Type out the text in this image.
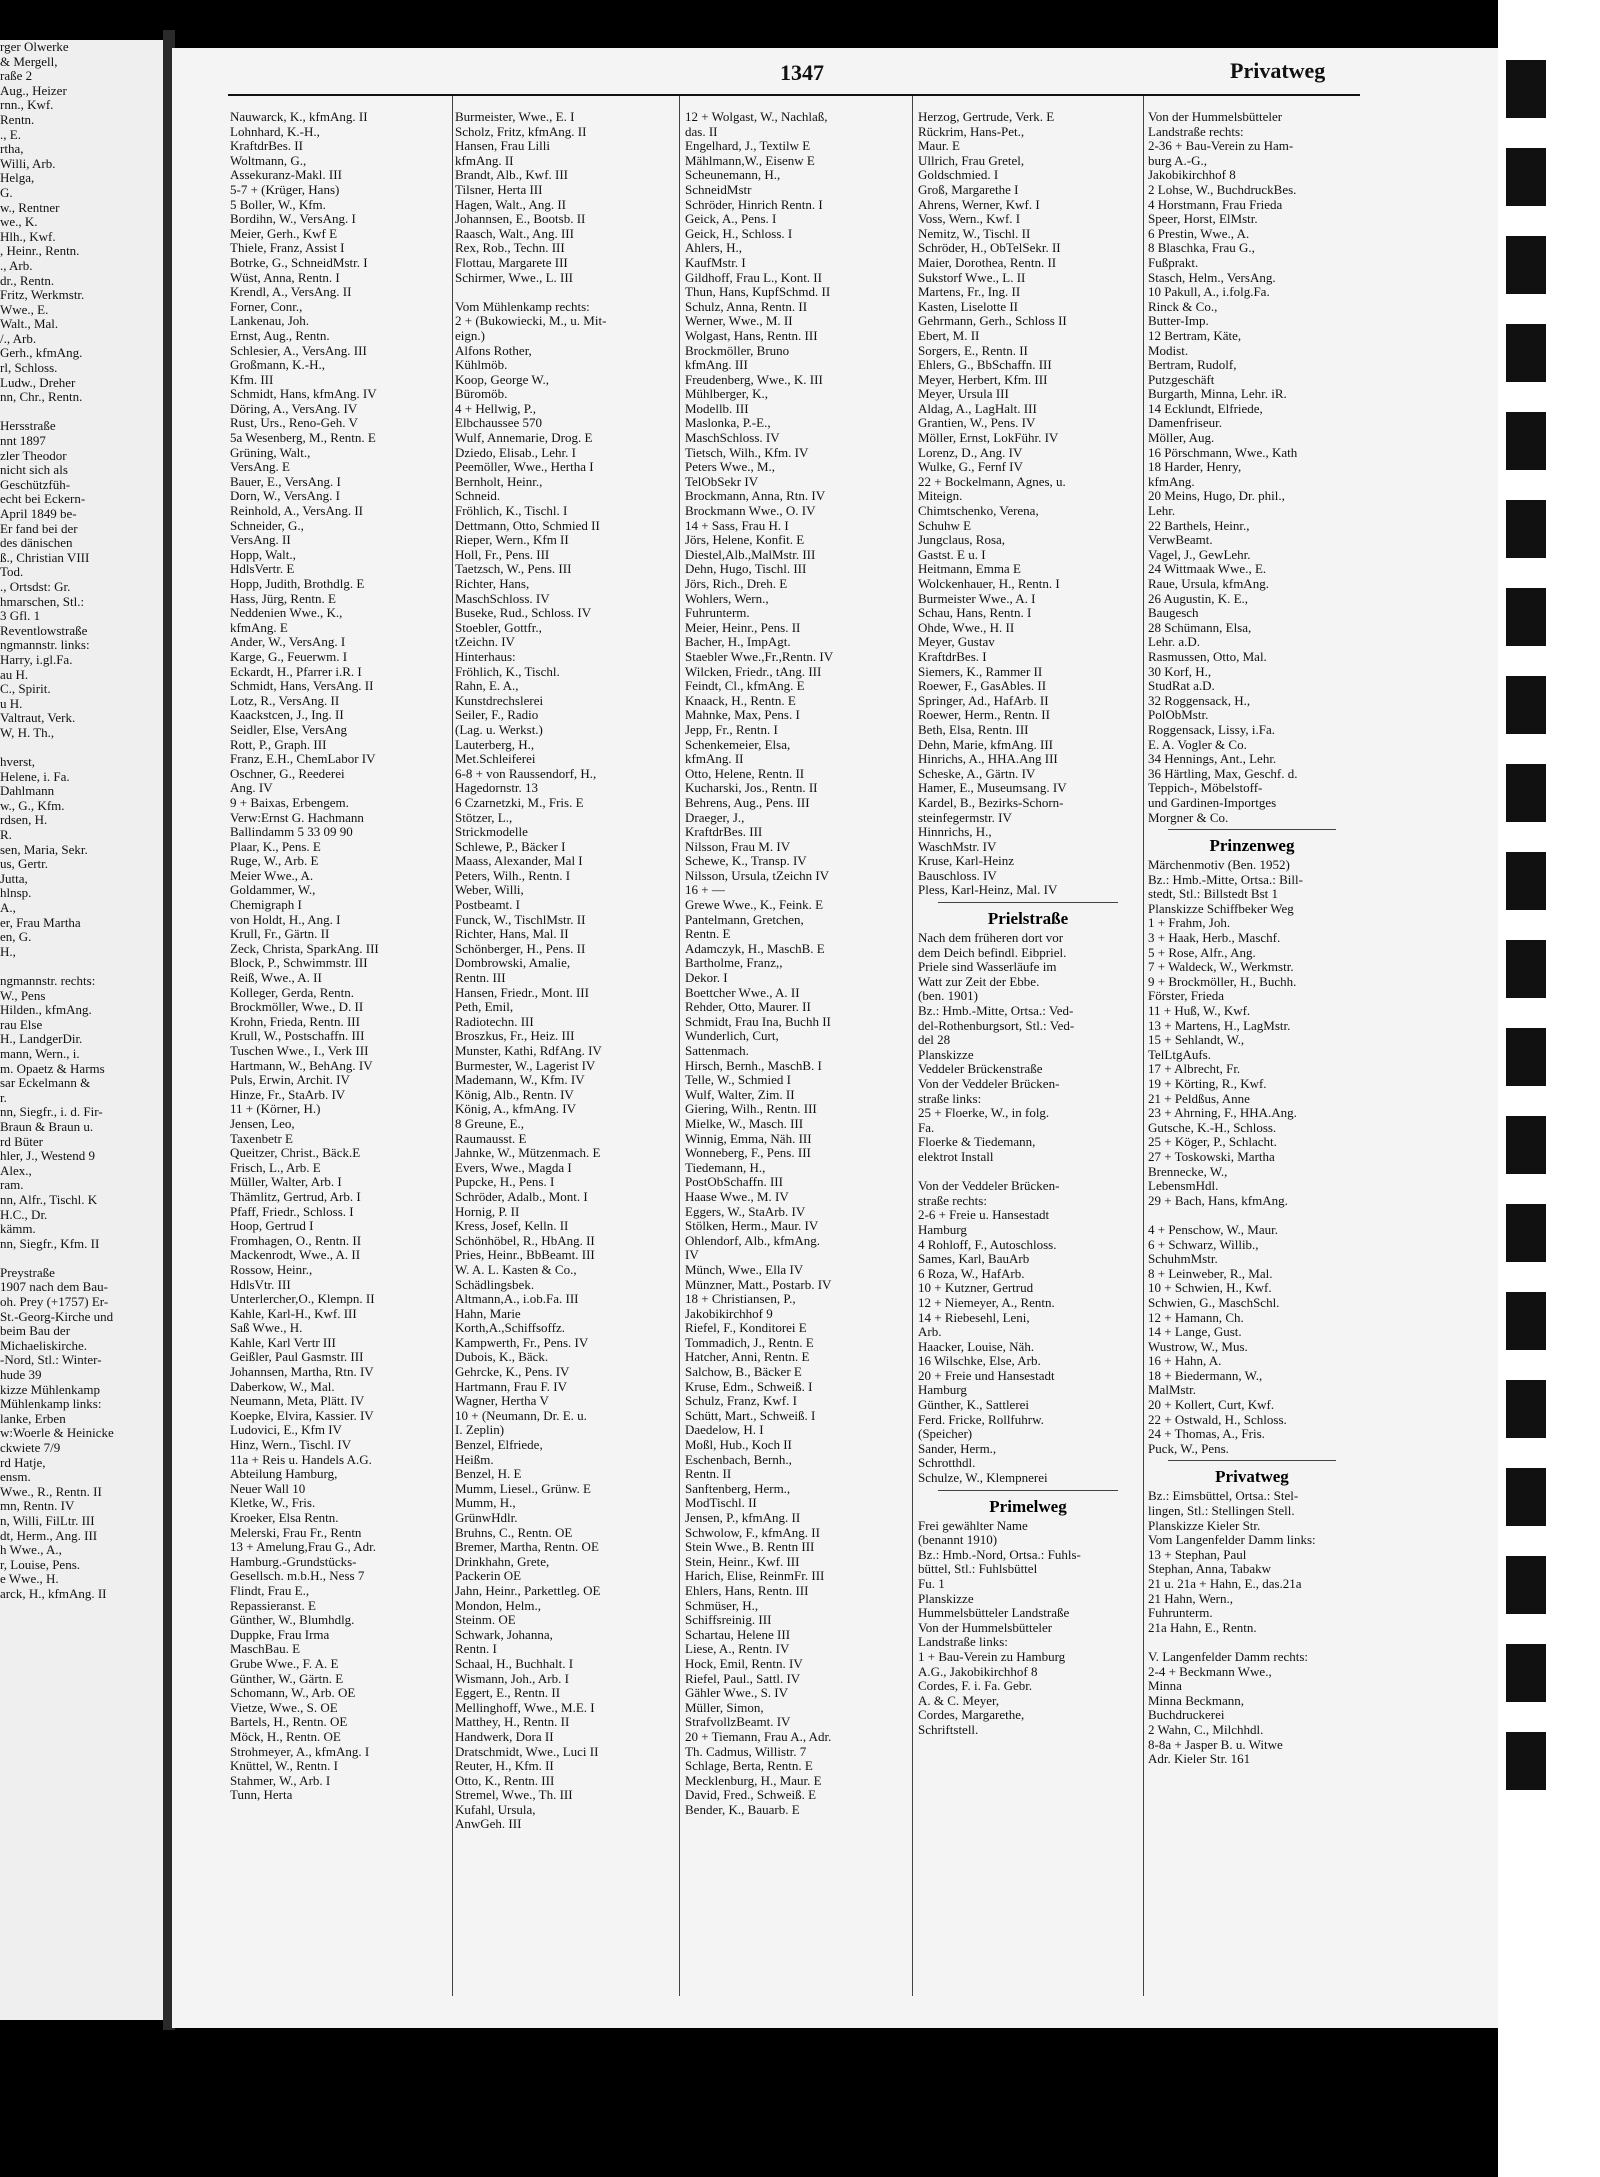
rger Olwerke
& Mergell,
raße 2
Aug., Heizer
rnn., Kwf.
Rentn.
., E.
rtha,
Willi, Arb.
Helga,
G.
w., Rentner
we., K.
Hlh., Kwf.
, Heinr., Rentn.
., Arb.
dr., Rentn.
Fritz, Werkmstr.
Wwe., E.
Walt., Mal.
/., Arb.
Gerh., kfmAng.
rl, Schloss.
Ludw., Dreher
nn, Chr., Rentn.

Hersstraße
nnt 1897
zler Theodor
nicht sich als
Geschützfüh-
echt bei Eckern-
April 1849 be-
Er fand bei der
des dänischen
ß., Christian VIII
Tod.
., Ortsdst: Gr.
hmarschen, Stl.:
3 Gfl. 1
Reventlowstraße
ngmannstr. links:
Harry, i.gl.Fa.
au H.
C., Spirit.
u H.
Valtraut, Verk.
W, H. Th.,

hverst,
Helene, i. Fa.
Dahlmann
w., G., Kfm.
rdsen, H.
R.
sen, Maria, Sekr.
us, Gertr.
Jutta,
hlnsp.
A.,
er, Frau Martha
en, G.
H.,

ngmannstr. rechts:
W., Pens
Hilden., kfmAng.
rau Else
H., LandgerDir.
mann, Wern., i.
m. Opaetz & Harms
sar Eckelmann &
r.
nn, Siegfr., i. d. Fir-
Braun & Braun u.
rd Büter
hler, J., Westend 9
Alex.,
ram.
nn, Alfr., Tischl. K
H.C., Dr.
kämm.
nn, Siegfr., Kfm. II

Preystraße
1907 nach dem Bau-
oh. Prey (+1757) Er-
St.-Georg-Kirche und
beim Bau der
Michaeliskirche.
-Nord, Stl.: Winter-
hude 39
kizze Mühlenkamp
Mühlenkamp links:
lanke, Erben
w:Woerle & Heinicke
ckwiete 7/9
rd Hatje,
ensm.
Wwe., R., Rentn. II
mn, Rentn. IV
n, Willi, FilLtr. III
dt, Herm., Ang. III
h Wwe., A.,
r, Louise, Pens.
e Wwe., H.
arck, H., kfmAng. II
1347	Privatweg
Nauwarck, K., kfmAng. II
Lohnhard, K.-H.,
KraftdrBes. II
Woltmann, G.,
Assekuranz-Makl. III
5-7 + (Krüger, Hans)
5 Boller, W., Kfm.
Bordihn, W., VersAng. I
Meier, Gerh., Kwf E
Thiele, Franz, Assist I
Botrke, G., SchneidMstr. I
Wüst, Anna, Rentn. I
Krendl, A., VersAng. II
Forner, Conr.,
Lankenau, Joh.
Ernst, Aug., Rentn.
Schlesier, A., VersAng. III
Großmann, K.-H.,
Kfm. III
Schmidt, Hans, kfmAng. IV
Döring, A., VersAng. IV
Rust, Urs., Reno-Geh. V
5a Wesenberg, M., Rentn. E
Grüning, Walt.,
VersAng. E
Bauer, E., VersAng. I
Dorn, W., VersAng. I
Reinhold, A., VersAng. II
Schneider, G.,
VersAng. II
Hopp, Walt.,
HdlsVertr. E
Hopp, Judith, Brothdlg. E
Hass, Jürg, Rentn. E
Neddenien Wwe., K.,
kfmAng. E
Ander, W., VersAng. I
Karge, G., Feuerwm. I
Eckardt, H., Pfarrer i.R. I
Schmidt, Hans, VersAng. II
Lotz, R., VersAng. II
Kaackstcen, J., Ing. II
Seidler, Else, VersAng
Rott, P., Graph. III
Franz, E.H., ChemLabor IV
Oschner, G., Reederei
Ang. IV
9 + Baixas, Erbengem.
Verw:Ernst G. Hachmann
Ballindamm 5 33 09 90
Plaar, K., Pens. E
Ruge, W., Arb. E
Meier Wwe., A.
Goldammer, W.,
Chemigraph I
von Holdt, H., Ang. I
Krull, Fr., Gärtn. II
Zeck, Christa, SparkAng. III
Block, P., Schwimmstr. III
Reiß, Wwe., A. II
Kolleger, Gerda, Rentn.
Brockmöller, Wwe., D. II
Krohn, Frieda, Rentn. III
Krull, W., Postschaffn. III
Tuschen Wwe., I., Verk III
Hartmann, W., BehAng. IV
Puls, Erwin, Archit. IV
Hinze, Fr., StaArb. IV
11 + (Körner, H.)
Jensen, Leo,
Taxenbetr E
Queitzer, Christ., Bäck.E
Frisch, L., Arb. E
Müller, Walter, Arb. I
Thämlitz, Gertrud, Arb. I
Pfaff, Friedr., Schloss. I
Hoop, Gertrud I
Fromhagen, O., Rentn. II
Mackenrodt, Wwe., A. II
Rossow, Heinr.,
HdlsVtr. III
Unterlercher,O., Klempn. II
Kahle, Karl-H., Kwf. III
Saß Wwe., H.
Kahle, Karl Vertr III
Geißler, Paul Gasmstr. III
Johannsen, Martha, Rtn. IV
Daberkow, W., Mal.
Neumann, Meta, Plätt. IV
Koepke, Elvira, Kassier. IV
Ludovici, E., Kfm IV
Hinz, Wern., Tischl. IV
11a + Reis u. Handels A.G.
Abteilung Hamburg,
Neuer Wall 10
Kletke, W., Fris.
Kroeker, Elsa Rentn.
Melerski, Frau Fr., Rentn
13 + Amelung,Frau G., Adr.
Hamburg.-Grundstücks-
Gesellsch. m.b.H., Ness 7
Flindt, Frau E.,
Repassieranst. E
Günther, W., Blumhdlg.
Duppke, Frau Irma
MaschBau. E
Grube Wwe., F. A. E
Günther, W., Gärtn. E
Schomann, W., Arb. OE
Vietze, Wwe., S. OE
Bartels, H., Rentn. OE
Möck, H., Rentn. OE
Strohmeyer, A., kfmAng. I
Knüttel, W., Rentn. I
Stahmer, W., Arb. I
Tunn, Herta
Burmeister, Wwe., E. I
Scholz, Fritz, kfmAng. II
Hansen, Frau Lilli
kfmAng. II
Brandt, Alb., Kwf. III
Tilsner, Herta III
Hagen, Walt., Ang. II
Johannsen, E., Bootsb. II
Raasch, Walt., Ang. III
Rex, Rob., Techn. III
Flottau, Margarete III
Schirmer, Wwe., L. III

Vom Mühlenkamp rechts:
2 + (Bukowiecki, M., u. Mit-
eign.)
Alfons Rother,
Kühlmöb.
Koop, George W.,
Büromöb.
4 + Hellwig, P.,
Elbchaussee 570
Wulf, Annemarie, Drog. E
Dziedo, Elisab., Lehr. I
Peemöller, Wwe., Hertha I
Bernholt, Heinr.,
Schneid.
Fröhlich, K., Tischl. I
Dettmann, Otto, Schmied II
Rieper, Wern., Kfm II
Holl, Fr., Pens. III
Taetzsch, W., Pens. III
Richter, Hans,
MaschSchloss. IV
Buseke, Rud., Schloss. IV
Stoebler, Gottfr.,
tZeichn. IV
Hinterhaus:
Fröhlich, K., Tischl.
Rahn, E. A.,
Kunstdrechslerei
Seiler, F., Radio
(Lag. u. Werkst.)
Lauterberg, H.,
Met.Schleiferei
6-8 + von Raussendorf, H.,
Hagedornstr. 13
6 Czarnetzki, M., Fris. E
Stötzer, L.,
Strickmodelle
Schlewe, P., Bäcker I
Maass, Alexander, Mal I
Peters, Wilh., Rentn. I
Weber, Willi,
Postbeamt. I
Funck, W., TischlMstr. II
Richter, Hans, Mal. II
Schönberger, H., Pens. II
Dombrowski, Amalie,
Rentn. III
Hansen, Friedr., Mont. III
Peth, Emil,
Radiotechn. III
Broszkus, Fr., Heiz. III
Munster, Kathi, RdfAng. IV
Burmester, W., Lagerist IV
Mademann, W., Kfm. IV
König, Alb., Rentn. IV
König, A., kfmAng. IV
8 Greune, E.,
Raumausst. E
Jahnke, W., Mützenmach. E
Evers, Wwe., Magda I
Pupcke, H., Pens. I
Schröder, Adalb., Mont. I
Hornig, P. II
Kress, Josef, Kelln. II
Schönhöbel, R., HbAng. II
Pries, Heinr., BbBeamt. III
W. A. L. Kasten & Co.,
Schädlingsbek.
Altmann,A., i.ob.Fa. III
Hahn, Marie
Korth,A.,Schiffsoffz.
Kampwerth, Fr., Pens. IV
Dubois, K., Bäck.
Gehrcke, K., Pens. IV
Hartmann, Frau F. IV
Wagner, Hertha V
10 + (Neumann, Dr. E. u.
I. Zeplin)
Benzel, Elfriede,
Heißm.
Benzel, H. E
Mumm, Liesel., Grünw. E
Mumm, H.,
GrünwHdlr.
Bruhns, C., Rentn. OE
Bremer, Martha, Rentn. OE
Drinkhahn, Grete,
Packerin OE
Jahn, Heinr., Parkettleg. OE
Mondon, Helm.,
Steinm. OE
Schwark, Johanna,
Rentn. I
Schaal, H., Buchhalt. I
Wismann, Joh., Arb. I
Eggert, E., Rentn. II
Mellinghoff, Wwe., M.E. I
Matthey, H., Rentn. II
Handwerk, Dora II
Dratschmidt, Wwe., Luci II
Reuter, H., Kfm. II
Otto, K., Rentn. III
Stremel, Wwe., Th. III
Kufahl, Ursula,
AnwGeh. III
12 + Wolgast, W., Nachlaß,
das. II
Engelhard, J., Textilw E
Mählmann,W., Eisenw E
Scheunemann, H.,
SchneidMstr
Schröder, Hinrich Rentn. I
Geick, A., Pens. I
Geick, H., Schloss. I
Ahlers, H.,
KaufMstr. I
Gildhoff, Frau L., Kont. II
Thun, Hans, KupfSchmd. II
Schulz, Anna, Rentn. II
Werner, Wwe., M. II
Wolgast, Hans, Rentn. III
Brockmöller, Bruno
kfmAng. III
Freudenberg, Wwe., K. III
Mühlberger, K.,
Modellb. III
Maslonka, P.-E.,
MaschSchloss. IV
Tietsch, Wilh., Kfm. IV
Peters Wwe., M.,
TelObSekr IV
Brockmann, Anna, Rtn. IV
Brockmann Wwe., O. IV
14 + Sass, Frau H. I
Jörs, Helene, Konfit. E
Diestel,Alb.,MalMstr. III
Dehn, Hugo, Tischl. III
Jörs, Rich., Dreh. E
Wohlers, Wern.,
Fuhrunterm.
Meier, Heinr., Pens. II
Bacher, H., ImpAgt.
Staebler Wwe.,Fr.,Rentn. IV
Wilcken, Friedr., tAng. III
Feindt, Cl., kfmAng. E
Knaack, H., Rentn. E
Mahnke, Max, Pens. I
Jepp, Fr., Rentn. I
Schenkemeier, Elsa,
kfmAng. II
Otto, Helene, Rentn. II
Kucharski, Jos., Rentn. II
Behrens, Aug., Pens. III
Draeger, J.,
KraftdrBes. III
Nilsson, Frau M. IV
Schewe, K., Transp. IV
Nilsson, Ursula, tZeichn IV
16 + —
Grewe Wwe., K., Feink. E
Pantelmann, Gretchen,
Rentn. E
Adamczyk, H., MaschB. E
Bartholme, Franz,,
Dekor. I
Boettcher Wwe., A. II
Rehder, Otto, Maurer. II
Schmidt, Frau Ina, Buchh II
Wunderlich, Curt,
Sattenmach.
Hirsch, Bernh., MaschB. I
Telle, W., Schmied I
Wulf, Walter, Zim. II
Giering, Wilh., Rentn. III
Mielke, W., Masch. III
Winnig, Emma, Näh. III
Wonneberg, F., Pens. III
Tiedemann, H.,
PostObSchaffn. III
Haase Wwe., M. IV
Eggers, W., StaArb. IV
Stölken, Herm., Maur. IV
Ohlendorf, Alb., kfmAng.
IV
Münch, Wwe., Ella IV
Münzner, Matt., Postarb. IV
18 + Christiansen, P.,
Jakobikirchhof 9
Riefel, F., Konditorei E
Tommadich, J., Rentn. E
Hatcher, Anni, Rentn. E
Salchow, B., Bäcker E
Kruse, Edm., Schweiß. I
Schulz, Franz, Kwf. I
Schütt, Mart., Schweiß. I
Daedelow, H. I
Moßl, Hub., Koch II
Eschenbach, Bernh.,
Rentn. II
Sanftenberg, Herm.,
ModTischl. II
Jensen, P., kfmAng. II
Schwolow, F., kfmAng. II
Stein Wwe., B. Rentn III
Stein, Heinr., Kwf. III
Harich, Elise, ReinmFr. III
Ehlers, Hans, Rentn. III
Schmüser, H.,
Schiffsreinig. III
Schartau, Helene III
Liese, A., Rentn. IV
Hock, Emil, Rentn. IV
Riefel, Paul., Sattl. IV
Gähler Wwe., S. IV
Müller, Simon,
StrafvollzBeamt. IV
20 + Tiemann, Frau A., Adr.
Th. Cadmus, Willistr. 7
Schlage, Berta, Rentn. E
Mecklenburg, H., Maur. E
David, Fred., Schweiß. E
Bender, K., Bauarb. E
Herzog, Gertrude, Verk. E
Rückrim, Hans-Pet.,
Maur. E
Ullrich, Frau Gretel,
Goldschmied. I
Groß, Margarethe I
Ahrens, Werner, Kwf. I
Voss, Wern., Kwf. I
Nemitz, W., Tischl. II
Schröder, H., ObTelSekr. II
Maier, Dorothea, Rentn. II
Sukstorf Wwe., L. II
Martens, Fr., Ing. II
Kasten, Liselotte II
Gehrmann, Gerh., Schloss II
Ebert, M. II
Sorgers, E., Rentn. II
Ehlers, G., BbSchaffn. III
Meyer, Herbert, Kfm. III
Meyer, Ursula III
Aldag, A., LagHalt. III
Grantien, W., Pens. IV
Möller, Ernst, LokFühr. IV
Lorenz, D., Ang. IV
Wulke, G., Fernf IV
22 + Bockelmann, Agnes, u.
Miteign.
Chimtschenko, Verena,
Schuhw E
Jungclaus, Rosa,
Gastst. E u. I
Heitmann, Emma E
Wolckenhauer, H., Rentn. I
Burmeister Wwe., A. I
Schau, Hans, Rentn. I
Ohde, Wwe., H. II
Meyer, Gustav
KraftdrBes. I
Siemers, K., Rammer II
Roewer, F., GasAbles. II
Springer, Ad., HafArb. II
Roewer, Herm., Rentn. II
Beth, Elsa, Rentn. III
Dehn, Marie, kfmAng. III
Hinrichs, A., HHA.Ang III
Scheske, A., Gärtn. IV
Hamer, E., Museumsang. IV
Kardel, B., Bezirks-Schorn-
steinfegermstr. IV
Hinnrichs, H.,
WaschMstr. IV
Kruse, Karl-Heinz
Bauschloss. IV
Pless, Karl-Heinz, Mal. IV
Prielstraße
Nach dem früheren dort vor
dem Deich befindl. Eibpriel.
Priele sind Wasserläufe im
Watt zur Zeit der Ebbe.
(ben. 1901)
Bz.: Hmb.-Mitte, Ortsa.: Ved-
del-Rothenburgsort, Stl.: Ved-
del 28
Planskizze
Veddeler Brückenstraße
Von der Veddeler Brücken-
straße links:
25 + Floerke, W., in folg.
Fa.
Floerke & Tiedemann,
elektrot Install

Von der Veddeler Brücken-
straße rechts:
2-6 + Freie u. Hansestadt
Hamburg
4 Rohloff, F., Autoschloss.
Sames, Karl, BauArb
6 Roza, W., HafArb.
10 + Kutzner, Gertrud
12 + Niemeyer, A., Rentn.
14 + Riebesehl, Leni,
Arb.
Haacker, Louise, Näh.
16 Wilschke, Else, Arb.
20 + Freie und Hansestadt
Hamburg
Günther, K., Sattlerei
Ferd. Fricke, Rollfuhrw.
(Speicher)
Sander, Herm.,
Schrotthdl.
Schulze, W., Klempnerei
Primelweg
Frei gewählter Name
(benannt 1910)
Bz.: Hmb.-Nord, Ortsa.: Fuhls-
büttel, Stl.: Fuhlsbüttel
Fu. 1
Planskizze
Hummelsbütteler Landstraße
Von der Hummelsbütteler
Landstraße links:
1 + Bau-Verein zu Hamburg
A.G., Jakobikirchhof 8
Cordes, F. i. Fa. Gebr.
A. & C. Meyer,
Cordes, Margarethe,
Schriftstell.
Von der Hummelsbütteler
Landstraße rechts:
2-36 + Bau-Verein zu Ham-
burg A.-G.,
Jakobikirchhof 8
2 Lohse, W., BuchdruckBes.
4 Horstmann, Frau Frieda
Speer, Horst, ElMstr.
6 Prestin, Wwe., A.
8 Blaschka, Frau G.,
Fußprakt.
Stasch, Helm., VersAng.
10 Pakull, A., i.folg.Fa.
Rinck & Co.,
Butter-Imp.
12 Bertram, Käte,
Modist.
Bertram, Rudolf,
Putzgeschäft
Burgarth, Minna, Lehr. iR.
14 Ecklundt, Elfriede,
Damenfriseur.
Möller, Aug.
16 Pörschmann, Wwe., Kath
18 Harder, Henry,
kfmAng.
20 Meins, Hugo, Dr. phil.,
Lehr.
22 Barthels, Heinr.,
VerwBeamt.
Vagel, J., GewLehr.
24 Wittmaak Wwe., E.
Raue, Ursula, kfmAng.
26 Augustin, K. E.,
Baugesch
28 Schümann, Elsa,
Lehr. a.D.
Rasmussen, Otto, Mal.
30 Korf, H.,
StudRat a.D.
32 Roggensack, H.,
PolObMstr.
Roggensack, Lissy, i.Fa.
E. A. Vogler & Co.
34 Hennings, Ant., Lehr.
36 Härtling, Max, Geschf. d.
Teppich-, Möbelstoff-
und Gardinen-Importges
Morgner & Co.
Prinzenweg
Märchenmotiv (Ben. 1952)
Bz.: Hmb.-Mitte, Ortsa.: Bill-
stedt, Stl.: Billstedt Bst 1
Planskizze Schiffbeker Weg
1 + Frahm, Joh.
3 + Haak, Herb., Maschf.
5 + Rose, Alfr., Ang.
7 + Waldeck, W., Werkmstr.
9 + Brockmöller, H., Buchh.
Förster, Frieda
11 + Huß, W., Kwf.
13 + Martens, H., LagMstr.
15 + Sehlandt, W.,
TelLtgAufs.
17 + Albrecht, Fr.
19 + Körting, R., Kwf.
21 + Peldßus, Anne
23 + Ahrning, F., HHA.Ang.
Gutsche, K.-H., Schloss.
25 + Köger, P., Schlacht.
27 + Toskowski, Martha
Brennecke, W.,
LebensmHdl.
29 + Bach, Hans, kfmAng.

4 + Penschow, W., Maur.
6 + Schwarz, Willib.,
SchuhmMstr.
8 + Leinweber, R., Mal.
10 + Schwien, H., Kwf.
Schwien, G., MaschSchl.
12 + Hamann, Ch.
14 + Lange, Gust.
Wustrow, W., Mus.
16 + Hahn, A.
18 + Biedermann, W.,
MalMstr.
20 + Kollert, Curt, Kwf.
22 + Ostwald, H., Schloss.
24 + Thomas, A., Fris.
Puck, W., Pens.
Privatweg
Bz.: Eimsbüttel, Ortsa.: Stel-
lingen, Stl.: Stellingen Stell.
Planskizze Kieler Str.
Vom Langenfelder Damm links:
13 + Stephan, Paul
Stephan, Anna, Tabakw
21 u. 21a + Hahn, E., das.21a
21 Hahn, Wern.,
Fuhrunterm.
21a Hahn, E., Rentn.

V. Langenfelder Damm rechts:
2-4 + Beckmann Wwe.,
Minna
Minna Beckmann,
Buchdruckerei
2 Wahn, C., Milchhdl.
8-8a + Jasper B. u. Witwe
Adr. Kieler Str. 161
